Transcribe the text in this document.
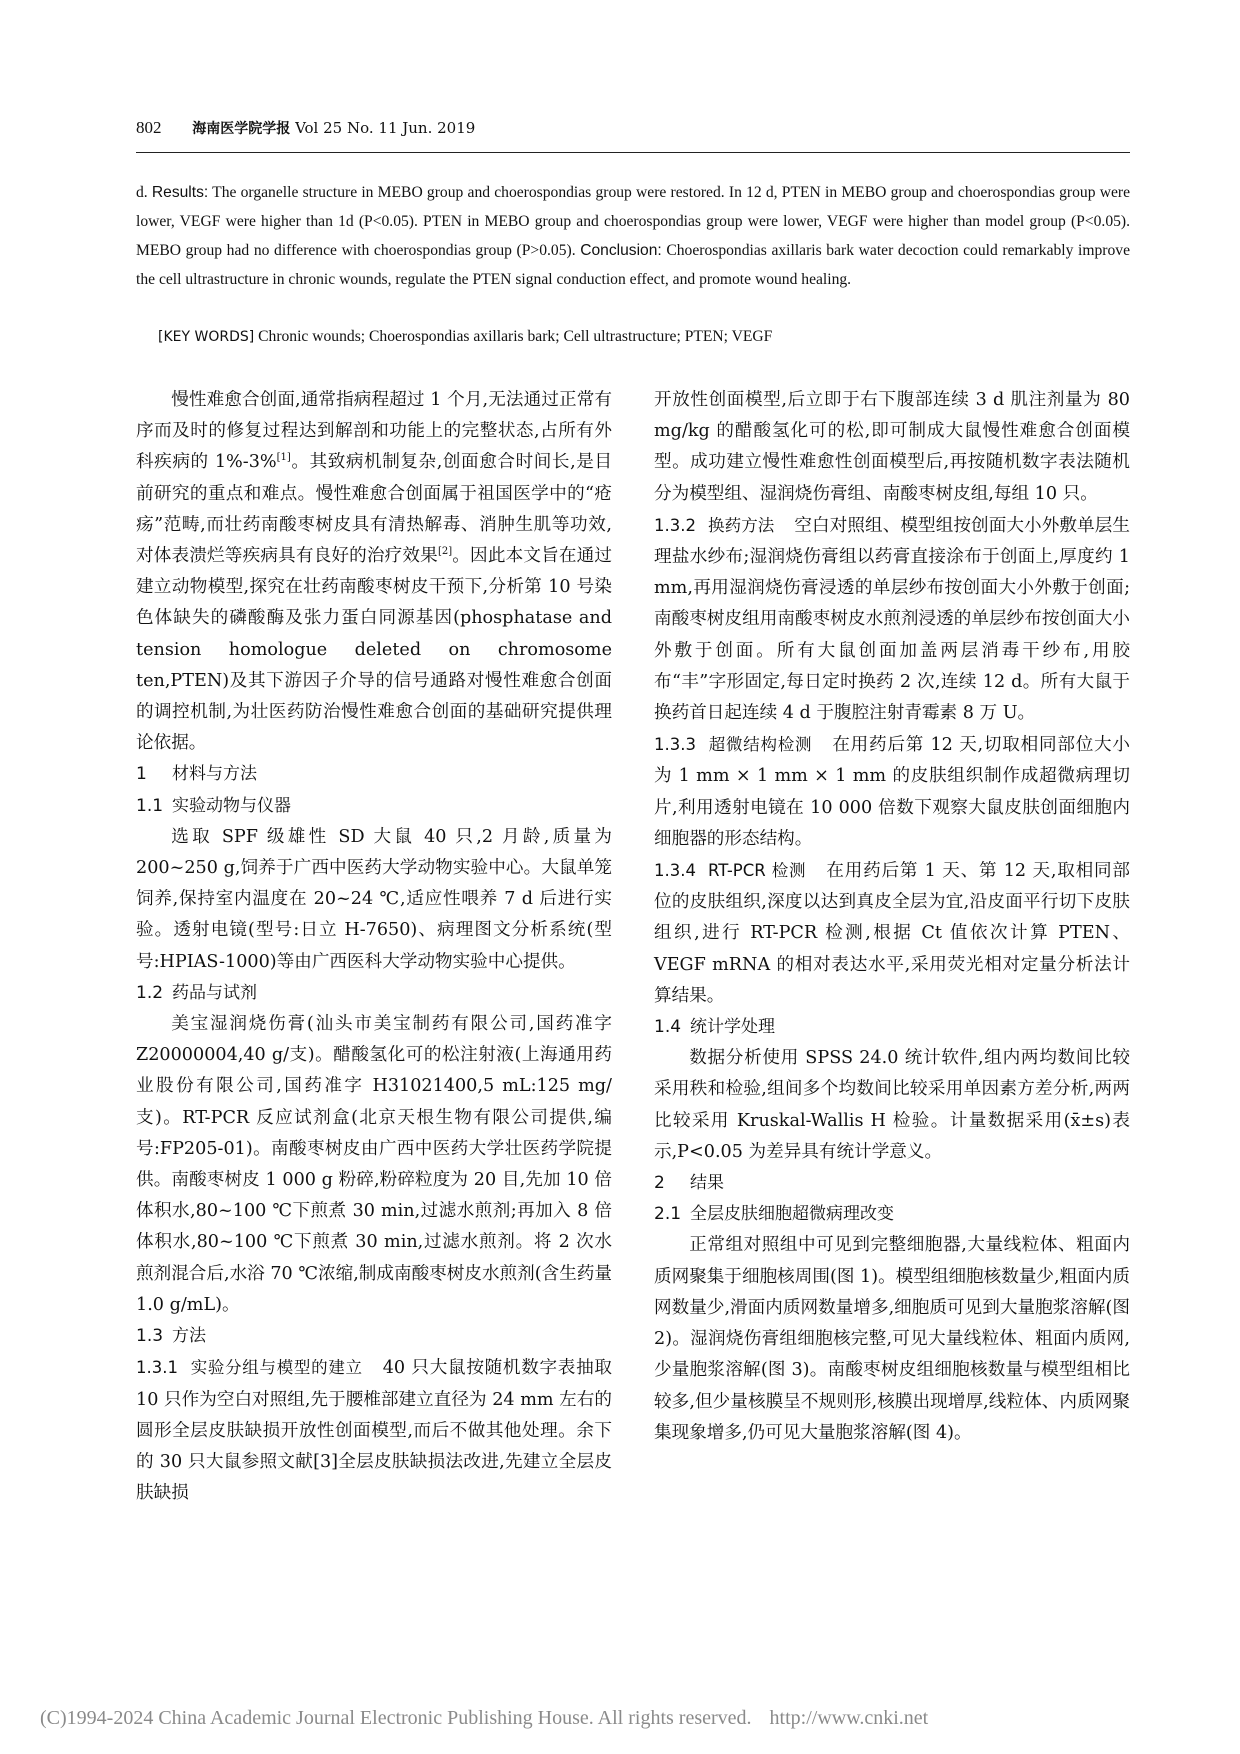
802 海南医学院学报 Vol 25 No. 11 Jun. 2019
d. Results: The organelle structure in MEBO group and choerospondias group were restored. In 12 d, PTEN in MEBO group and choerospondias group were lower, VEGF were higher than 1d (P<0.05). PTEN in MEBO group and choerospondias group were lower, VEGF were higher than model group (P<0.05). MEBO group had no difference with choerospondias group (P>0.05). Conclusion: Choerospondias axillaris bark water decoction could remarkably improve the cell ultrastructure in chronic wounds, regulate the PTEN signal conduction effect, and promote wound healing.
[KEY WORDS] Chronic wounds; Choerospondias axillaris bark; Cell ultrastructure; PTEN; VEGF

慢性难愈合创面,通常指病程超过 1 个月,无法通过正常有序而及时的修复过程达到解剖和功能上的完整状态,占所有外科疾病的 1%-3%[1]。其致病机制复杂,创面愈合时间长,是目前研究的重点和难点。慢性难愈合创面属于祖国医学中的“疮疡”范畴,而壮药南酸枣树皮具有清热解毒、消肿生肌等功效,对体表溃烂等疾病具有良好的治疗效果[2]。因此本文旨在通过建立动物模型,探究在壮药南酸枣树皮干预下,分析第 10 号染色体缺失的磷酸酶及张力蛋白同源基因(phosphatase and tension homologue deleted on chromosome ten,PTEN)及其下游因子介导的信号通路对慢性难愈合创面的调控机制,为壮医药防治慢性难愈合创面的基础研究提供理论依据。

1 材料与方法
1.1 实验动物与仪器

选取 SPF 级雄性 SD 大鼠 40 只,2 月龄,质量为 200~250 g,饲养于广西中医药大学动物实验中心。大鼠单笼饲养,保持室内温度在 20~24 ℃,适应性喂养 7 d 后进行实验。透射电镜(型号:日立 H-7650)、病理图文分析系统(型号:HPIAS-1000)等由广西医科大学动物实验中心提供。

1.2 药品与试剂

美宝湿润烧伤膏(汕头市美宝制药有限公司,国药准字 Z20000004,40 g/支)。醋酸氢化可的松注射液(上海通用药业股份有限公司,国药准字 H31021400,5 mL:125 mg/支)。RT-PCR 反应试剂盒(北京天根生物有限公司提供,编号:FP205-01)。南酸枣树皮由广西中医药大学壮医药学院提供。南酸枣树皮 1 000 g 粉碎,粉碎粒度为 20 目,先加 10 倍体积水,80~100 ℃下煎煮 30 min,过滤水煎剂;再加入 8 倍体积水,80~100 ℃下煎煮 30 min,过滤水煎剂。将 2 次水煎剂混合后,水浴 70 ℃浓缩,制成南酸枣树皮水煎剂(含生药量 1.0 g/mL)。

1.3 方法

1.3.1 实验分组与模型的建立 40 只大鼠按随机数字表抽取 10 只作为空白对照组,先于腰椎部建立直径为 24 mm 左右的圆形全层皮肤缺损开放性创面模型,而后不做其他处理。余下的 30 只大鼠参照文献[3]全层皮肤缺损法改进,先建立全层皮肤缺损

开放性创面模型,后立即于右下腹部连续 3 d 肌注剂量为 80 mg/kg 的醋酸氢化可的松,即可制成大鼠慢性难愈合创面模型。成功建立慢性难愈性创面模型后,再按随机数字表法随机分为模型组、湿润烧伤膏组、南酸枣树皮组,每组 10 只。

1.3.2 换药方法 空白对照组、模型组按创面大小外敷单层生理盐水纱布;湿润烧伤膏组以药膏直接涂布于创面上,厚度约 1 mm,再用湿润烧伤膏浸透的单层纱布按创面大小外敷于创面;南酸枣树皮组用南酸枣树皮水煎剂浸透的单层纱布按创面大小外敷于创面。所有大鼠创面加盖两层消毒干纱布,用胶布“丰”字形固定,每日定时换药 2 次,连续 12 d。所有大鼠于换药首日起连续 4 d 于腹腔注射青霉素 8 万 U。

1.3.3 超微结构检测 在用药后第 12 天,切取相同部位大小为 1 mm × 1 mm × 1 mm 的皮肤组织制作成超微病理切片,利用透射电镜在 10 000 倍数下观察大鼠皮肤创面细胞内细胞器的形态结构。

1.3.4 RT-PCR 检测 在用药后第 1 天、第 12 天,取相同部位的皮肤组织,深度以达到真皮全层为宜,沿皮面平行切下皮肤组织,进行 RT-PCR 检测,根据 Ct 值依次计算 PTEN、VEGF mRNA 的相对表达水平,采用荧光相对定量分析法计算结果。

1.4 统计学处理

数据分析使用 SPSS 24.0 统计软件,组内两均数间比较采用秩和检验,组间多个均数间比较采用单因素方差分析,两两比较采用 Kruskal-Wallis H 检验。计量数据采用(x̄±s)表示,P<0.05 为差异具有统计学意义。

2 结果
2.1 全层皮肤细胞超微病理改变

正常组对照组中可见到完整细胞器,大量线粒体、粗面内质网聚集于细胞核周围(图 1)。模型组细胞核数量少,粗面内质网数量少,滑面内质网数量增多,细胞质可见到大量胞浆溶解(图 2)。湿润烧伤膏组细胞核完整,可见大量线粒体、粗面内质网,少量胞浆溶解(图 3)。南酸枣树皮组细胞核数量与模型组相比较多,但少量核膜呈不规则形,核膜出现增厚,线粒体、内质网聚集现象增多,仍可见大量胞浆溶解(图 4)。

(C)1994-2024 China Academic Journal Electronic Publishing House. All rights reserved. http://www.cnki.net
